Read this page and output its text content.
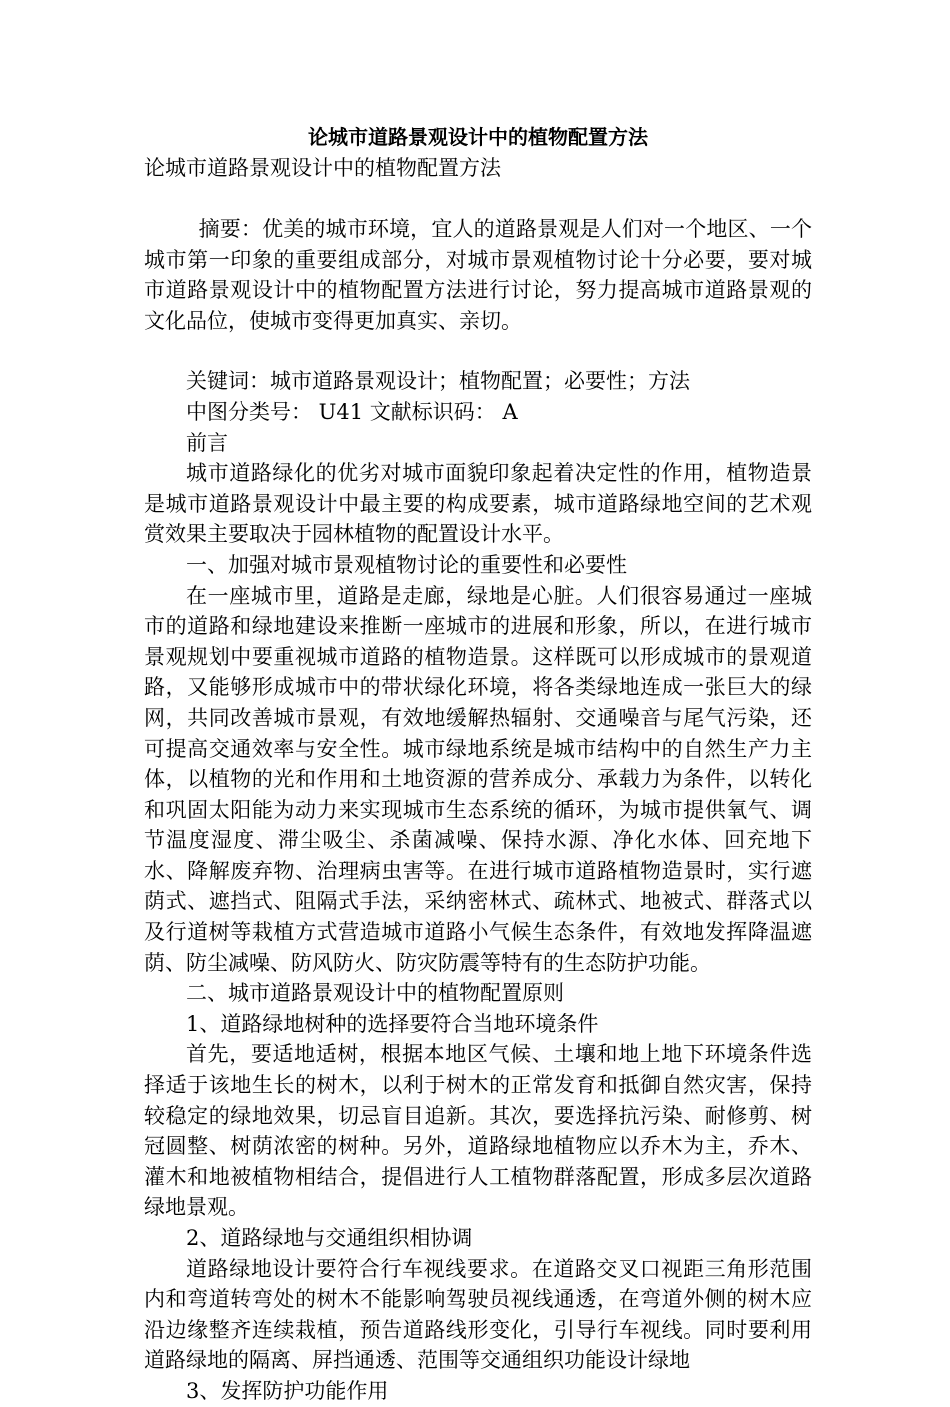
论城市道路景观设计中的植物配置方法
论城市道路景观设计中的植物配置方法

摘要：优美的城市环境，宜人的道路景观是人们对一个地区、一个城市第一印象的重要组成部分，对城市景观植物讨论十分必要，要对城市道路景观设计中的植物配置方法进行讨论，努力提高城市道路景观的文化品位，使城市变得更加真实、亲切。

关键词：城市道路景观设计；植物配置；必要性；方法
中图分类号： U41 文献标识码： A
前言

城市道路绿化的优劣对城市面貌印象起着决定性的作用，植物造景是城市道路景观设计中最主要的构成要素，城市道路绿地空间的艺术观赏效果主要取决于园林植物的配置设计水平。

一、加强对城市景观植物讨论的重要性和必要性

在一座城市里，道路是走廊，绿地是心脏。人们很容易通过一座城市的道路和绿地建设来推断一座城市的进展和形象，所以，在进行城市景观规划中要重视城市道路的植物造景。这样既可以形成城市的景观道路，又能够形成城市中的带状绿化环境，将各类绿地连成一张巨大的绿网，共同改善城市景观，有效地缓解热辐射、交通噪音与尾气污染，还可提高交通效率与安全性。城市绿地系统是城市结构中的自然生产力主体，以植物的光和作用和土地资源的营养成分、承载力为条件，以转化和巩固太阳能为动力来实现城市生态系统的循环，为城市提供氧气、调节温度湿度、滞尘吸尘、杀菌减噪、保持水源、净化水体、回充地下水、降解废弃物、治理病虫害等。在进行城市道路植物造景时，实行遮荫式、遮挡式、阻隔式手法，采纳密林式、疏林式、地被式、群落式以及行道树等栽植方式营造城市道路小气候生态条件，有效地发挥降温遮荫、防尘减噪、防风防火、防灾防震等特有的生态防护功能。

二、城市道路景观设计中的植物配置原则
1、道路绿地树种的选择要符合当地环境条件

首先，要适地适树，根据本地区气候、土壤和地上地下环境条件选择适于该地生长的树木，以利于树木的正常发育和抵御自然灾害，保持较稳定的绿地效果，切忌盲目追新。其次，要选择抗污染、耐修剪、树冠圆整、树荫浓密的树种。另外，道路绿地植物应以乔木为主，乔木、灌木和地被植物相结合，提倡进行人工植物群落配置，形成多层次道路绿地景观。

2、道路绿地与交通组织相协调

道路绿地设计要符合行车视线要求。在道路交叉口视距三角形范围内和弯道转弯处的树木不能影响驾驶员视线通透，在弯道外侧的树木应沿边缘整齐连续栽植，预告道路线形变化，引导行车视线。同时要利用道路绿地的隔离、屏挡通透、范围等交通组织功能设计绿地

3、发挥防护功能作用
